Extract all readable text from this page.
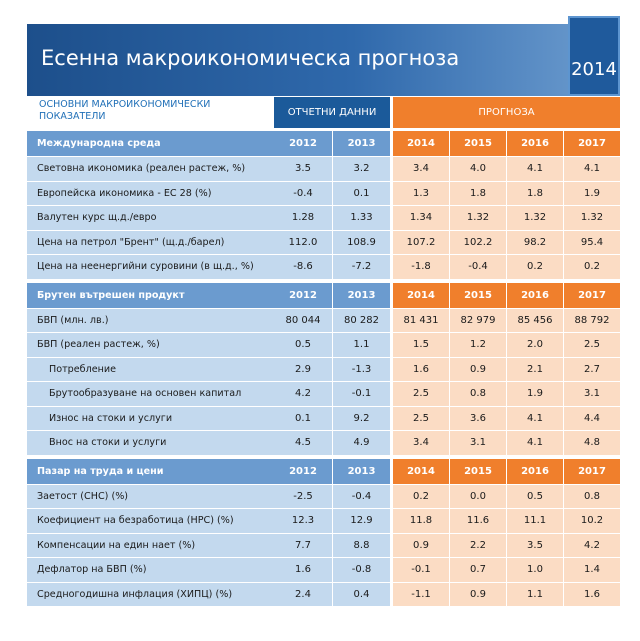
Есенна макроикономическа прогноза	2014
ОСНОВНИ МАКРОИКОНОМИЧЕСКИ ПОКАЗАТЕЛИ	ОТЧЕТНИ ДАННИ	ПРОГНОЗА
Международна среда	2012	2013	2014	2015	2016	2017
Световна икономика (реален растеж, %)	3.5	3.2	3.4	4.0	4.1	4.1
Европейска икономика - ЕС 28 (%)	-0.4	0.1	1.3	1.8	1.8	1.9
Валутен курс щ.д./евро	1.28	1.33	1.34	1.32	1.32	1.32
Цена на петрол "Брент" (щ.д./барел)	112.0	108.9	107.2	102.2	98.2	95.4
Цена на неенергийни суровини (в щ.д., %)	-8.6	-7.2	-1.8	-0.4	0.2	0.2
Брутен вътрешен продукт	2012	2013	2014	2015	2016	2017
БВП (млн. лв.)	80 044	80 282	81 431	82 979	85 456	88 792
БВП (реален растеж, %)	0.5	1.1	1.5	1.2	2.0	2.5
Потребление	2.9	-1.3	1.6	0.9	2.1	2.7
Брутообразуване на основен капитал	4.2	-0.1	2.5	0.8	1.9	3.1
Износ на стоки и услуги	0.1	9.2	2.5	3.6	4.1	4.4
Внос на стоки и услуги	4.5	4.9	3.4	3.1	4.1	4.8
Пазар на труда и цени	2012	2013	2014	2015	2016	2017
Заетост (СНС) (%)	-2.5	-0.4	0.2	0.0	0.5	0.8
Коефициент на безработица (НРС) (%)	12.3	12.9	11.8	11.6	11.1	10.2
Компенсации на един нает (%)	7.7	8.8	0.9	2.2	3.5	4.2
Дефлатор на БВП (%)	1.6	-0.8	-0.1	0.7	1.0	1.4
Средногодишна инфлация (ХИПЦ) (%)	2.4	0.4	-1.1	0.9	1.1	1.6
